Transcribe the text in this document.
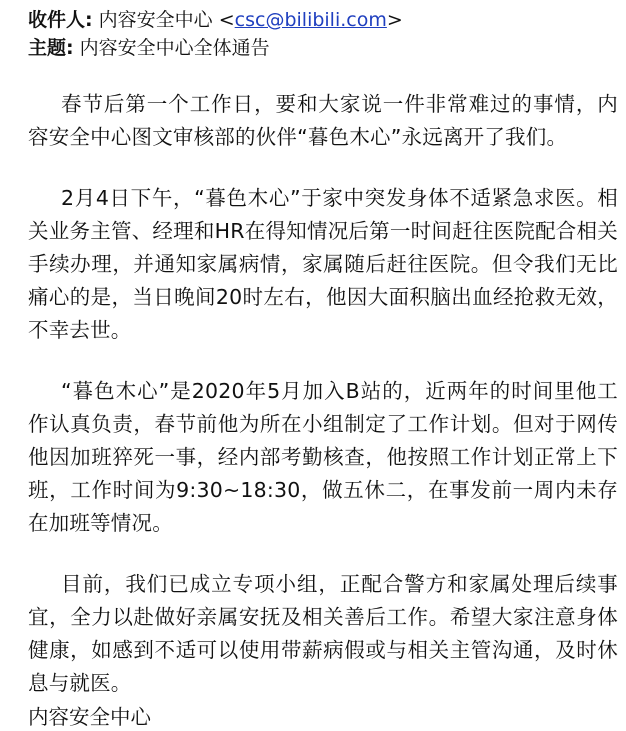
收件人: 内容安全中心 <csc@bilibili.com>
主题: 内容安全中心全体通告

春节后第一个工作日，要和大家说一件非常难过的事情，内容安全中心图文审核部的伙伴“暮色木心”永远离开了我们。

2月4日下午，“暮色木心”于家中突发身体不适紧急求医。相关业务主管、经理和HR在得知情况后第一时间赶往医院配合相关手续办理，并通知家属病情，家属随后赶往医院。但令我们无比痛心的是，当日晚间20时左右，他因大面积脑出血经抢救无效，不幸去世。

“暮色木心”是2020年5月加入B站的，近两年的时间里他工作认真负责，春节前他为所在小组制定了工作计划。但对于网传他因加班猝死一事，经内部考勤核查，他按照工作计划正常上下班，工作时间为9:30~18:30，做五休二，在事发前一周内未存在加班等情况。

目前，我们已成立专项小组，正配合警方和家属处理后续事宜，全力以赴做好亲属安抚及相关善后工作。希望大家注意身体健康，如感到不适可以使用带薪病假或与相关主管沟通，及时休息与就医。

内容安全中心
